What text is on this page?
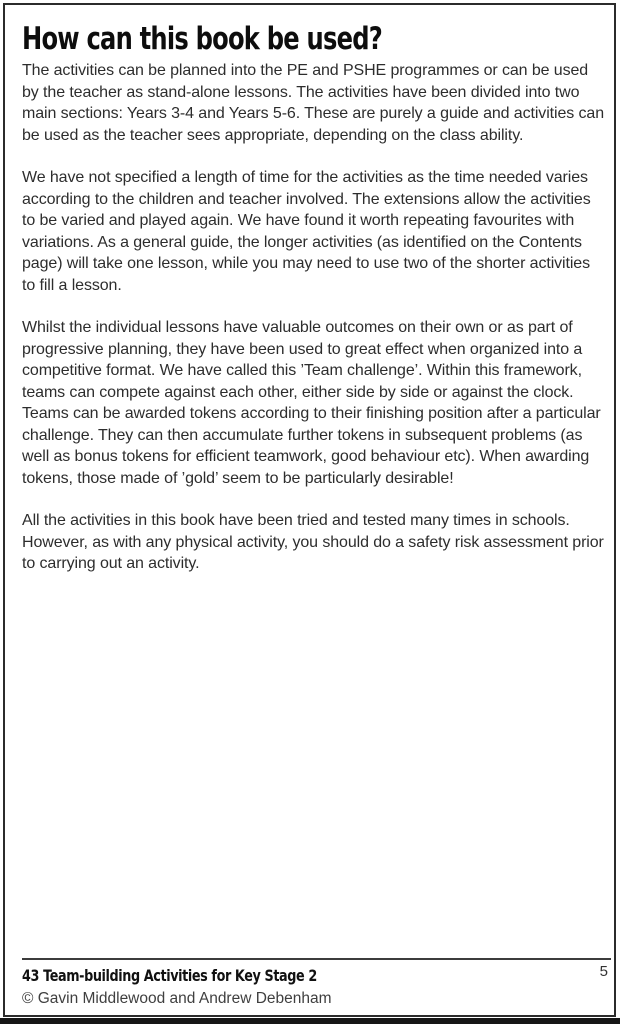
How can this book be used?

The activities can be planned into the PE and PSHE programmes or can be used by the teacher as stand-alone lessons. The activities have been divided into two main sections: Years 3-4 and Years 5-6. These are purely a guide and activities can be used as the teacher sees appropriate, depending on the class ability.

We have not specified a length of time for the activities as the time needed varies according to the children and teacher involved. The extensions allow the activities to be varied and played again. We have found it worth repeating favourites with variations. As a general guide, the longer activities (as identified on the Contents page) will take one lesson, while you may need to use two of the shorter activities to fill a lesson.

Whilst the individual lessons have valuable outcomes on their own or as part of progressive planning, they have been used to great effect when organized into a competitive format. We have called this ’Team challenge’. Within this framework, teams can compete against each other, either side by side or against the clock. Teams can be awarded tokens according to their finishing position after a particular challenge. They can then accumulate further tokens in subsequent problems (as well as bonus tokens for efficient teamwork, good behaviour etc). When awarding tokens, those made of ’gold’ seem to be particularly desirable!

All the activities in this book have been tried and tested many times in schools. However, as with any physical activity, you should do a safety risk assessment prior to carrying out an activity.

43 Team-building Activities for Key Stage 2
© Gavin Middlewood and Andrew Debenham
5
